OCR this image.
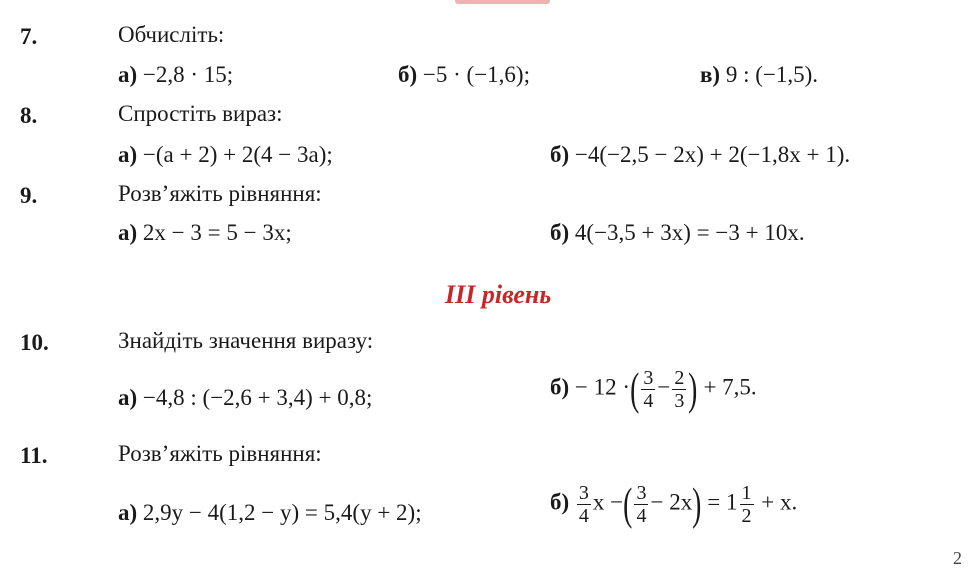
7.	Обчисліть:
а) −2,8 · 15;	б) −5 · (−1,6);	в) 9 : (−1,5).
8.	Спростіть вираз:
а) −(a + 2) + 2(4 − 3a);	б) −4(−2,5 − 2x) + 2(−1,8x + 1).
9.	Розв’яжіть рівняння:
а) 2x − 3 = 5 − 3x;	б) 4(−3,5 + 3x) = −3 + 10x.
III рівень
10.	Знайдіть значення виразу:
а) −4,8 : (−2,6 + 3,4) + 0,8;	б) − 12 ·( $\frac{3}{4} - \frac{2}{3}$ ) + 7,5.
11.	Розв’яжіть рівняння:
а) 2,9y − 4(1,2 − y) = 5,4(y + 2);	$б) \frac{3}{4}$ x −( $\frac{3}{4} - 2x) = 1 \frac{1}{2} + x$.
2
